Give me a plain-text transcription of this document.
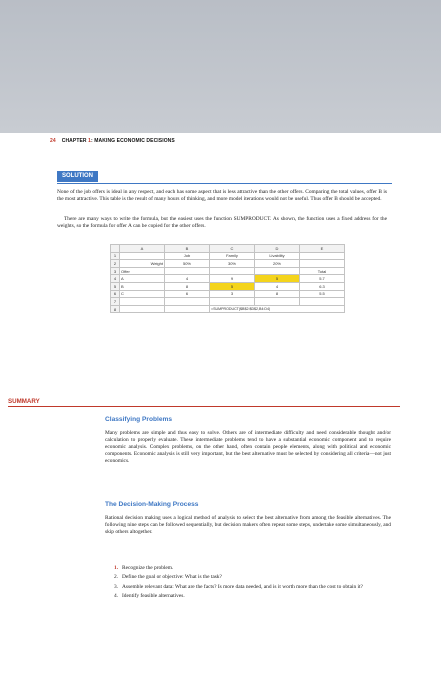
24 CHAPTER 1: MAKING ECONOMIC DECISIONS
SOLUTION
None of the job offers is ideal in any respect, and each has some aspect that is less attractive than the other offers. Comparing the total values, offer B is the most attractive. This table is the result of many hours of thinking, and more model iterations would not be useful. Thus offer B should be accepted.
There are many ways to write the formula, but the easiest uses the function SUMPRODUCT. As shown, the function uses a fixed address for the weights, so the formula for offer A can be copied for the other offers.
	A	B	C	D	E
1		Job	Family	Livability	
2	Weight	50%	30%	20%	
3	Offer				Total
4	A	4	9	5	5.7
5	B	8	5	4	6.3
6	C	6	3	8	5.5
7					
8			=SUMPRODUCT($B$2:$D$2,B4:D4)		
SUMMARY
Classifying Problems
Many problems are simple and thus easy to solve. Others are of intermediate difficulty and need considerable thought and/or calculation to properly evaluate. These intermediate problems tend to have a substantial economic component and to require economic analysis. Complex problems, on the other hand, often contain people elements, along with political and economic components. Economic analysis is still very important, but the best alternative must be selected by considering all criteria—not just economics.
The Decision-Making Process
Rational decision making uses a logical method of analysis to select the best alternative from among the feasible alternatives. The following nine steps can be followed sequentially, but decision makers often repeat some steps, undertake some simultaneously, and skip others altogether.
1. Recognize the problem.
2. Define the goal or objective: What is the task?
3. Assemble relevant data: What are the facts? Is more data needed, and is it worth more than the cost to obtain it?
4. Identify feasible alternatives.
